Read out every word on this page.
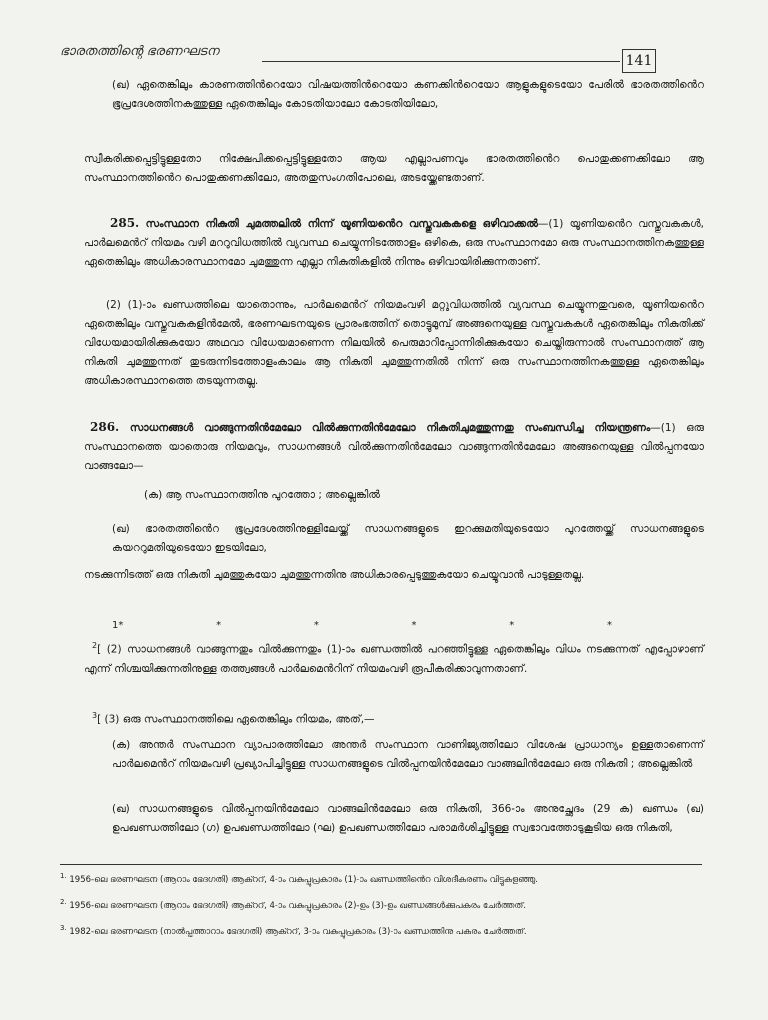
ഭാരതത്തിന്റെ ഭരണഘടന
141
(ഖ) ഏതെങ്കിലും കാരണത്തിൻറെയോ വിഷയത്തിൻറെയോ കണക്കിൻറെയോ ആളുകളുടെയോ പേരിൽ ഭാരതത്തിൻെറ ഭൂപ്രദേശത്തിനകത്തുള്ള ഏതെങ്കിലും കോടതിയാലോ കോടതിയിലോ,
സ്വീകരിക്കപ്പെട്ടിട്ടുള്ളതോ നിക്ഷേപിക്കപ്പെട്ടിട്ടുള്ളതോ ആയ എല്ലാപണവും ഭാരതത്തിൻെറ പൊതുക്കണക്കിലോ ആ സംസ്ഥാനത്തിൻെറ പൊതുക്കണക്കിലോ, അതതുസംഗതിപോലെ, അടയ്ക്കേണ്ടതാണ്.
285. സംസ്ഥാന നികുതി ചുമത്തലിൽ നിന്ന് യൂണിയൻെറ വസ്തുവകകളെ ഒഴിവാക്കൽ—(1) യൂണിയൻെറ വസ്തുവകകൾ, പാർലമെൻറ് നിയമം വഴി മററുവിധത്തിൽ വ്യവസ്ഥ ചെയ്യുന്നിടത്തോളം ഒഴികെ, ഒരു സംസ്ഥാനമോ ഒരു സംസ്ഥാനത്തിനകത്തുള്ള ഏതെങ്കിലും അധികാരസ്ഥാനമോ ചുമത്തുന്ന എല്ലാ നികുതികളിൽ നിന്നും ഒഴിവായിരിക്കുന്നതാണ്.
(2) (1)-ാം ഖണ്ഡത്തിലെ യാതൊന്നും, പാർലമെൻറ് നിയമംവഴി മറ്റുവിധത്തിൽ വ്യവസ്ഥ ചെയ്യുന്നതുവരെ, യൂണിയൻെറ ഏതെങ്കിലും വസ്തുവകകളിൻമേൽ, ഭരണഘടനയുടെ പ്രാരംഭത്തിന് തൊട്ടുമുമ്പ് അങ്ങനെയുള്ള വസ്തുവകകൾ ഏതെങ്കിലും നികുതിക്ക് വിധേയമായിരിക്കുകയോ അഥവാ വിധേയമാണെന്ന നിലയിൽ പെരുമാറിപ്പോന്നിരിക്കുകയോ ചെയ്തിരുന്നാൽ സംസ്ഥാനത്ത് ആ നികുതി ചുമത്തുന്നത് തുടരുന്നിടത്തോളംകാലം ആ നികുതി ചുമത്തുന്നതിൽ നിന്ന് ഒരു സംസ്ഥാനത്തിനകത്തുള്ള ഏതെങ്കിലും അധികാരസ്ഥാനത്തെ തടയുന്നതല്ല.
286. സാധനങ്ങൾ വാങ്ങുന്നതിൻമേലോ വിൽക്കുന്നതിൻമേലോ നികുതിചുമത്തുന്നതു സംബന്ധിച്ച നിയന്ത്രണം—(1) ഒരു സംസ്ഥാനത്തെ യാതൊരു നിയമവും, സാധനങ്ങൾ വിൽക്കുന്നതിൻമേലോ വാങ്ങുന്നതിൻമേലോ അങ്ങനെയുള്ള വിൽപ്പനയോ വാങ്ങലോ—
(ക) ആ സംസ്ഥാനത്തിനു പുറത്തോ ; അല്ലെങ്കിൽ
(ഖ) ഭാരതത്തിൻെറ ഭൂപ്രദേശത്തിനുള്ളിലേയ്ക്ക് സാധനങ്ങളുടെ ഇറക്കുമതിയുടെയോ പുറത്തേയ്ക്ക് സാധനങ്ങളുടെ കയററുമതിയുടെയോ ഇടയിലോ,
നടക്കുന്നിടത്ത് ഒരു നികുതി ചുമത്തുകയോ ചുമത്തുന്നതിനു അധികാരപ്പെടുത്തുകയോ ചെയ്യുവാൻ പാടുള്ളതല്ല.
1*	*	*	*	*	*
$^2$[ (2) സാധനങ്ങൾ വാങ്ങുന്നതും വിൽക്കുന്നതും (1)-ാം ഖണ്ഡത്തിൽ പറഞ്ഞിട്ടുള്ള ഏതെങ്കിലും വിധം നടക്കുന്നത് എപ്പോഴാണ് എന്ന് നിശ്ചയിക്കുന്നതിനുള്ള തത്ത്വങ്ങൾ പാർലമെൻറിന് നിയമംവഴി രൂപീകരിക്കാവുന്നതാണ്.
$^3$[ (3) ഒരു സംസ്ഥാനത്തിലെ ഏതെങ്കിലും നിയമം, അത്,—
(ക) അന്തർ സംസ്ഥാന വ്യാപാരത്തിലോ അന്തർ സംസ്ഥാന വാണിജ്യത്തിലോ വിശേഷ പ്രാധാന്യം ഉള്ളതാണെന്ന് പാർലമെൻറ് നിയമംവഴി പ്രഖ്യാപിച്ചിട്ടുള്ള സാധനങ്ങളുടെ വിൽപ്പനയിൻമേലോ വാങ്ങലിൻമേലോ ഒരു നികുതി ; അല്ലെങ്കിൽ
(ഖ) സാധനങ്ങളുടെ വിൽപ്പനയിൻമേലോ വാങ്ങലിൻമേലോ ഒരു നികുതി, 366-ാം അനുച്ഛേദം (29 ക) ഖണ്ഡം (ഖ) ഉപഖണ്ഡത്തിലോ (ഗ) ഉപഖണ്ഡത്തിലോ (ഘ) ഉപഖണ്ഡത്തിലോ പരാമർശിച്ചിട്ടുള്ള സ്വഭാവത്തോടുകൂടിയ ഒരു നികുതി,
$^{1.}$ 1956-ലെ ഭരണഘടന (ആറാം ഭേദഗതി) ആക്ററ്, 4-ാം വകുപ്പുപ്രകാരം (1)-ാം ഖണ്ഡത്തിൻെറ വിശദീകരണം വിട്ടുകളഞ്ഞു.
$^{2.}$ 1956-ലെ ഭരണഘടന (ആറാം ഭേദഗതി) ആക്ററ്, 4-ാം വകുപ്പുപ്രകാരം (2)-ഉം (3)-ഉം ഖണ്ഡങ്ങൾക്കുപകരം ചേർത്തത്.
$^{3.}$ 1982-ലെ ഭരണഘടന (നാൽപ്പത്താറാം ഭേദഗതി) ആക്ററ്, 3-ാം വകുപ്പുപ്രകാരം (3)-ാം ഖണ്ഡത്തിനു പകരം ചേർത്തത്.
